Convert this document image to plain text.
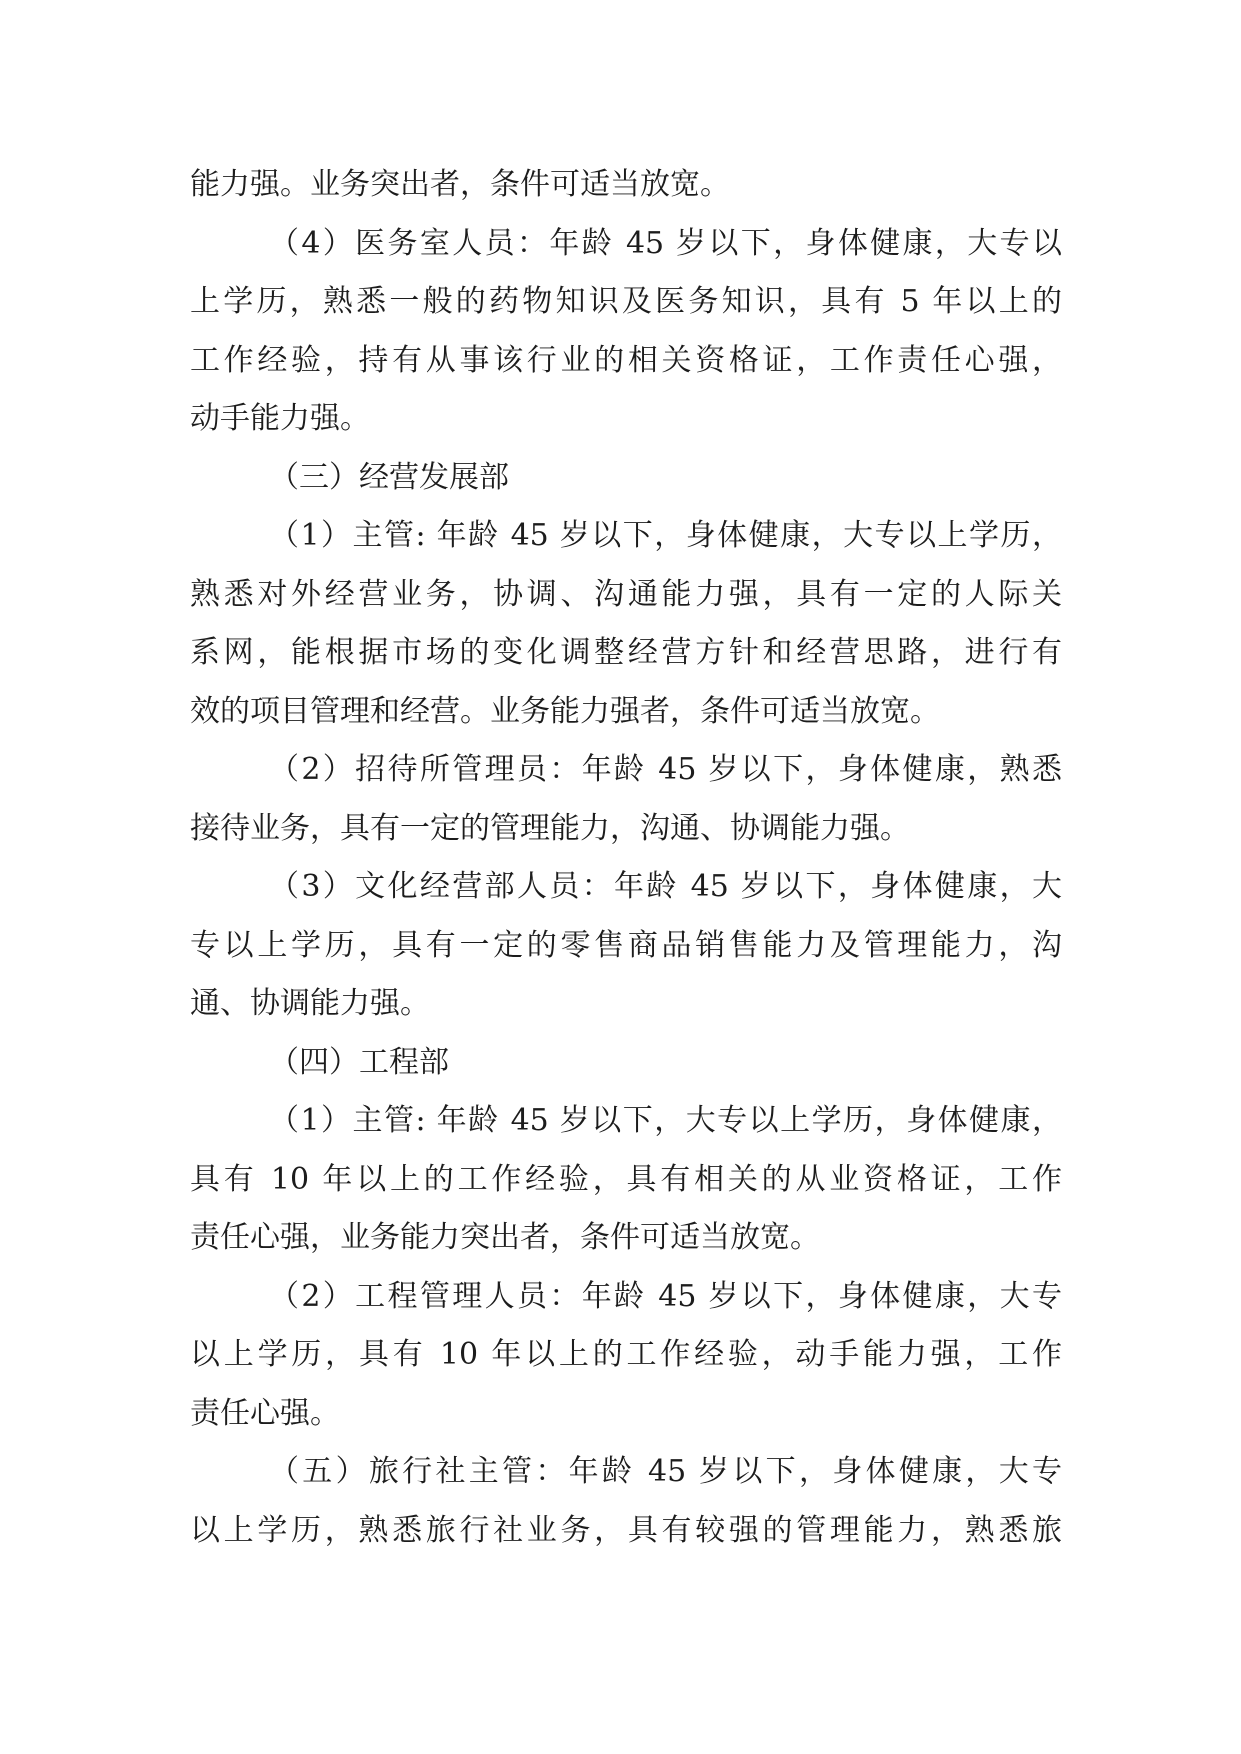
能力强。业务突出者，条件可适当放宽。
（4）医务室人员：年龄 45 岁以下，身体健康，大专以
上学历，熟悉一般的药物知识及医务知识，具有 5 年以上的
工作经验，持有从事该行业的相关资格证，工作责任心强，
动手能力强。
（三）经营发展部
（1）主管: 年龄 45 岁以下，身体健康，大专以上学历，
熟悉对外经营业务，协调、沟通能力强，具有一定的人际关
系网，能根据市场的变化调整经营方针和经营思路，进行有
效的项目管理和经营。业务能力强者，条件可适当放宽。
（2）招待所管理员：年龄 45 岁以下，身体健康，熟悉
接待业务，具有一定的管理能力，沟通、协调能力强。
（3）文化经营部人员：年龄 45 岁以下，身体健康，大
专以上学历，具有一定的零售商品销售能力及管理能力，沟
通、协调能力强。
（四）工程部
（1）主管: 年龄 45 岁以下，大专以上学历，身体健康，
具有 10 年以上的工作经验，具有相关的从业资格证，工作
责任心强，业务能力突出者，条件可适当放宽。
（2）工程管理人员：年龄 45 岁以下，身体健康，大专
以上学历，具有 10 年以上的工作经验，动手能力强，工作
责任心强。
（五）旅行社主管：年龄 45 岁以下，身体健康，大专
以上学历，熟悉旅行社业务，具有较强的管理能力，熟悉旅
